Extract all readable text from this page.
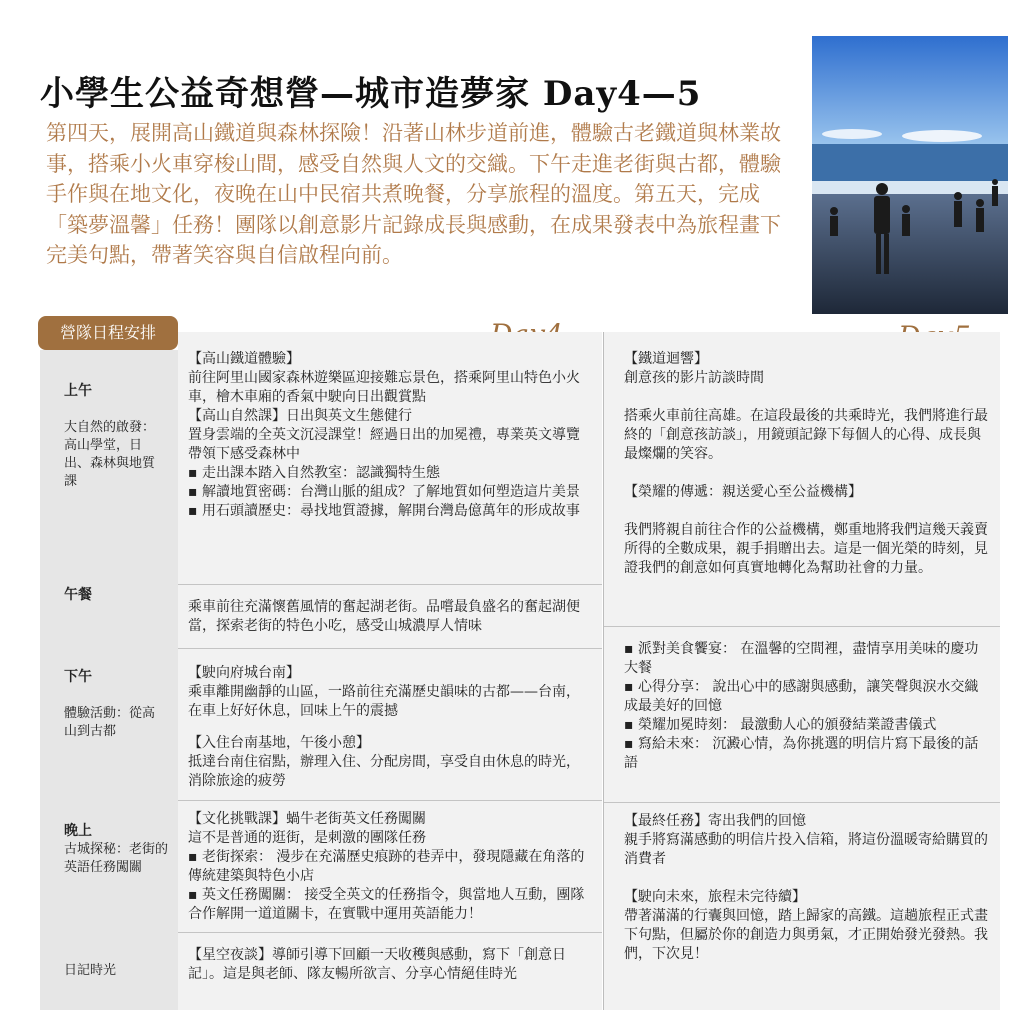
小學生公益奇想營—城市造夢家 Day4—5
第四天，展開高山鐵道與森林探險！沿著山林步道前進，體驗古老鐵道與林業故事，搭乘小火車穿梭山間，感受自然與人文的交織。下午走進老街與古都，體驗手作與在地文化，夜晚在山中民宿共煮晚餐，分享旅程的溫度。第五天，完成「築夢溫馨」任務！團隊以創意影片記錄成長與感動，在成果發表中為旅程畫下完美句點，帶著笑容與自信啟程向前。
營隊日程安排
上午

大自然的啟發：高山學堂，日出、森林與地質課
午餐
下午

體驗活動：從高山到古都
晚上
古城探秘：老街的英語任務闖關
日記時光

【高山鐵道體驗】
前往阿里山國家森林遊樂區迎接難忘景色，搭乘阿里山特色小火車，檜木車廂的香氣中駛向日出觀賞點
【高山自然課】日出與英文生態健行
置身雲端的全英文沉浸課堂！經過日出的加冕禮，專業英文導覽帶領下感受森林中
▪ 走出課本踏入自然教室：認識獨特生態
▪ 解讀地質密碼：台灣山脈的組成？了解地質如何塑造這片美景
▪ 用石頭讀歷史：尋找地質證據，解開台灣島億萬年的形成故事

乘車前往充滿懷舊風情的奮起湖老街。品嚐最負盛名的奮起湖便當，探索老街的特色小吃，感受山城濃厚人情味

【駛向府城台南】
乘車離開幽靜的山區，一路前往充滿歷史韻味的古都——台南，在車上好好休息，回味上午的震撼

【入住台南基地，午後小憩】
抵達台南住宿點，辦理入住、分配房間，享受自由休息的時光，消除旅途的疲勞

【文化挑戰課】蝸牛老街英文任務闖關
這不是普通的逛街，是刺激的團隊任務
▪ 老街探索： 漫步在充滿歷史痕跡的巷弄中，發現隱藏在角落的傳統建築與特色小店
▪ 英文任務闖關： 接受全英文的任務指令，與當地人互動，團隊合作解開一道道關卡，在實戰中運用英語能力！

【星空夜談】導師引導下回顧一天收穫與感動，寫下「創意日記」。這是與老師、隊友暢所欲言、分享心情絕佳時光

【鐵道迴響】
創意孩的影片訪談時間

搭乘火車前往高雄。在這段最後的共乘時光，我們將進行最終的「創意孩訪談」，用鏡頭記錄下每個人的心得、成長與最燦爛的笑容。

【榮耀的傳遞：親送愛心至公益機構】

我們將親自前往合作的公益機構，鄭重地將我們這幾天義賣所得的全數成果，親手捐贈出去。這是一個光榮的時刻，見證我們的創意如何真實地轉化為幫助社會的力量。

▪ 派對美食饗宴： 在溫馨的空間裡，盡情享用美味的慶功大餐
▪ 心得分享： 說出心中的感謝與感動，讓笑聲與淚水交織成最美好的回憶
▪ 榮耀加冕時刻： 最激動人心的頒發結業證書儀式
▪ 寫給未來： 沉澱心情，為你挑選的明信片寫下最後的話語

【最終任務】寄出我們的回憶
親手將寫滿感動的明信片投入信箱，將這份溫暖寄給購買的消費者

【駛向未來，旅程未完待續】
帶著滿滿的行囊與回憶，踏上歸家的高鐵。這趟旅程正式畫下句點，但屬於你的創造力與勇氣，才正開始發光發熱。我們，下次見！
